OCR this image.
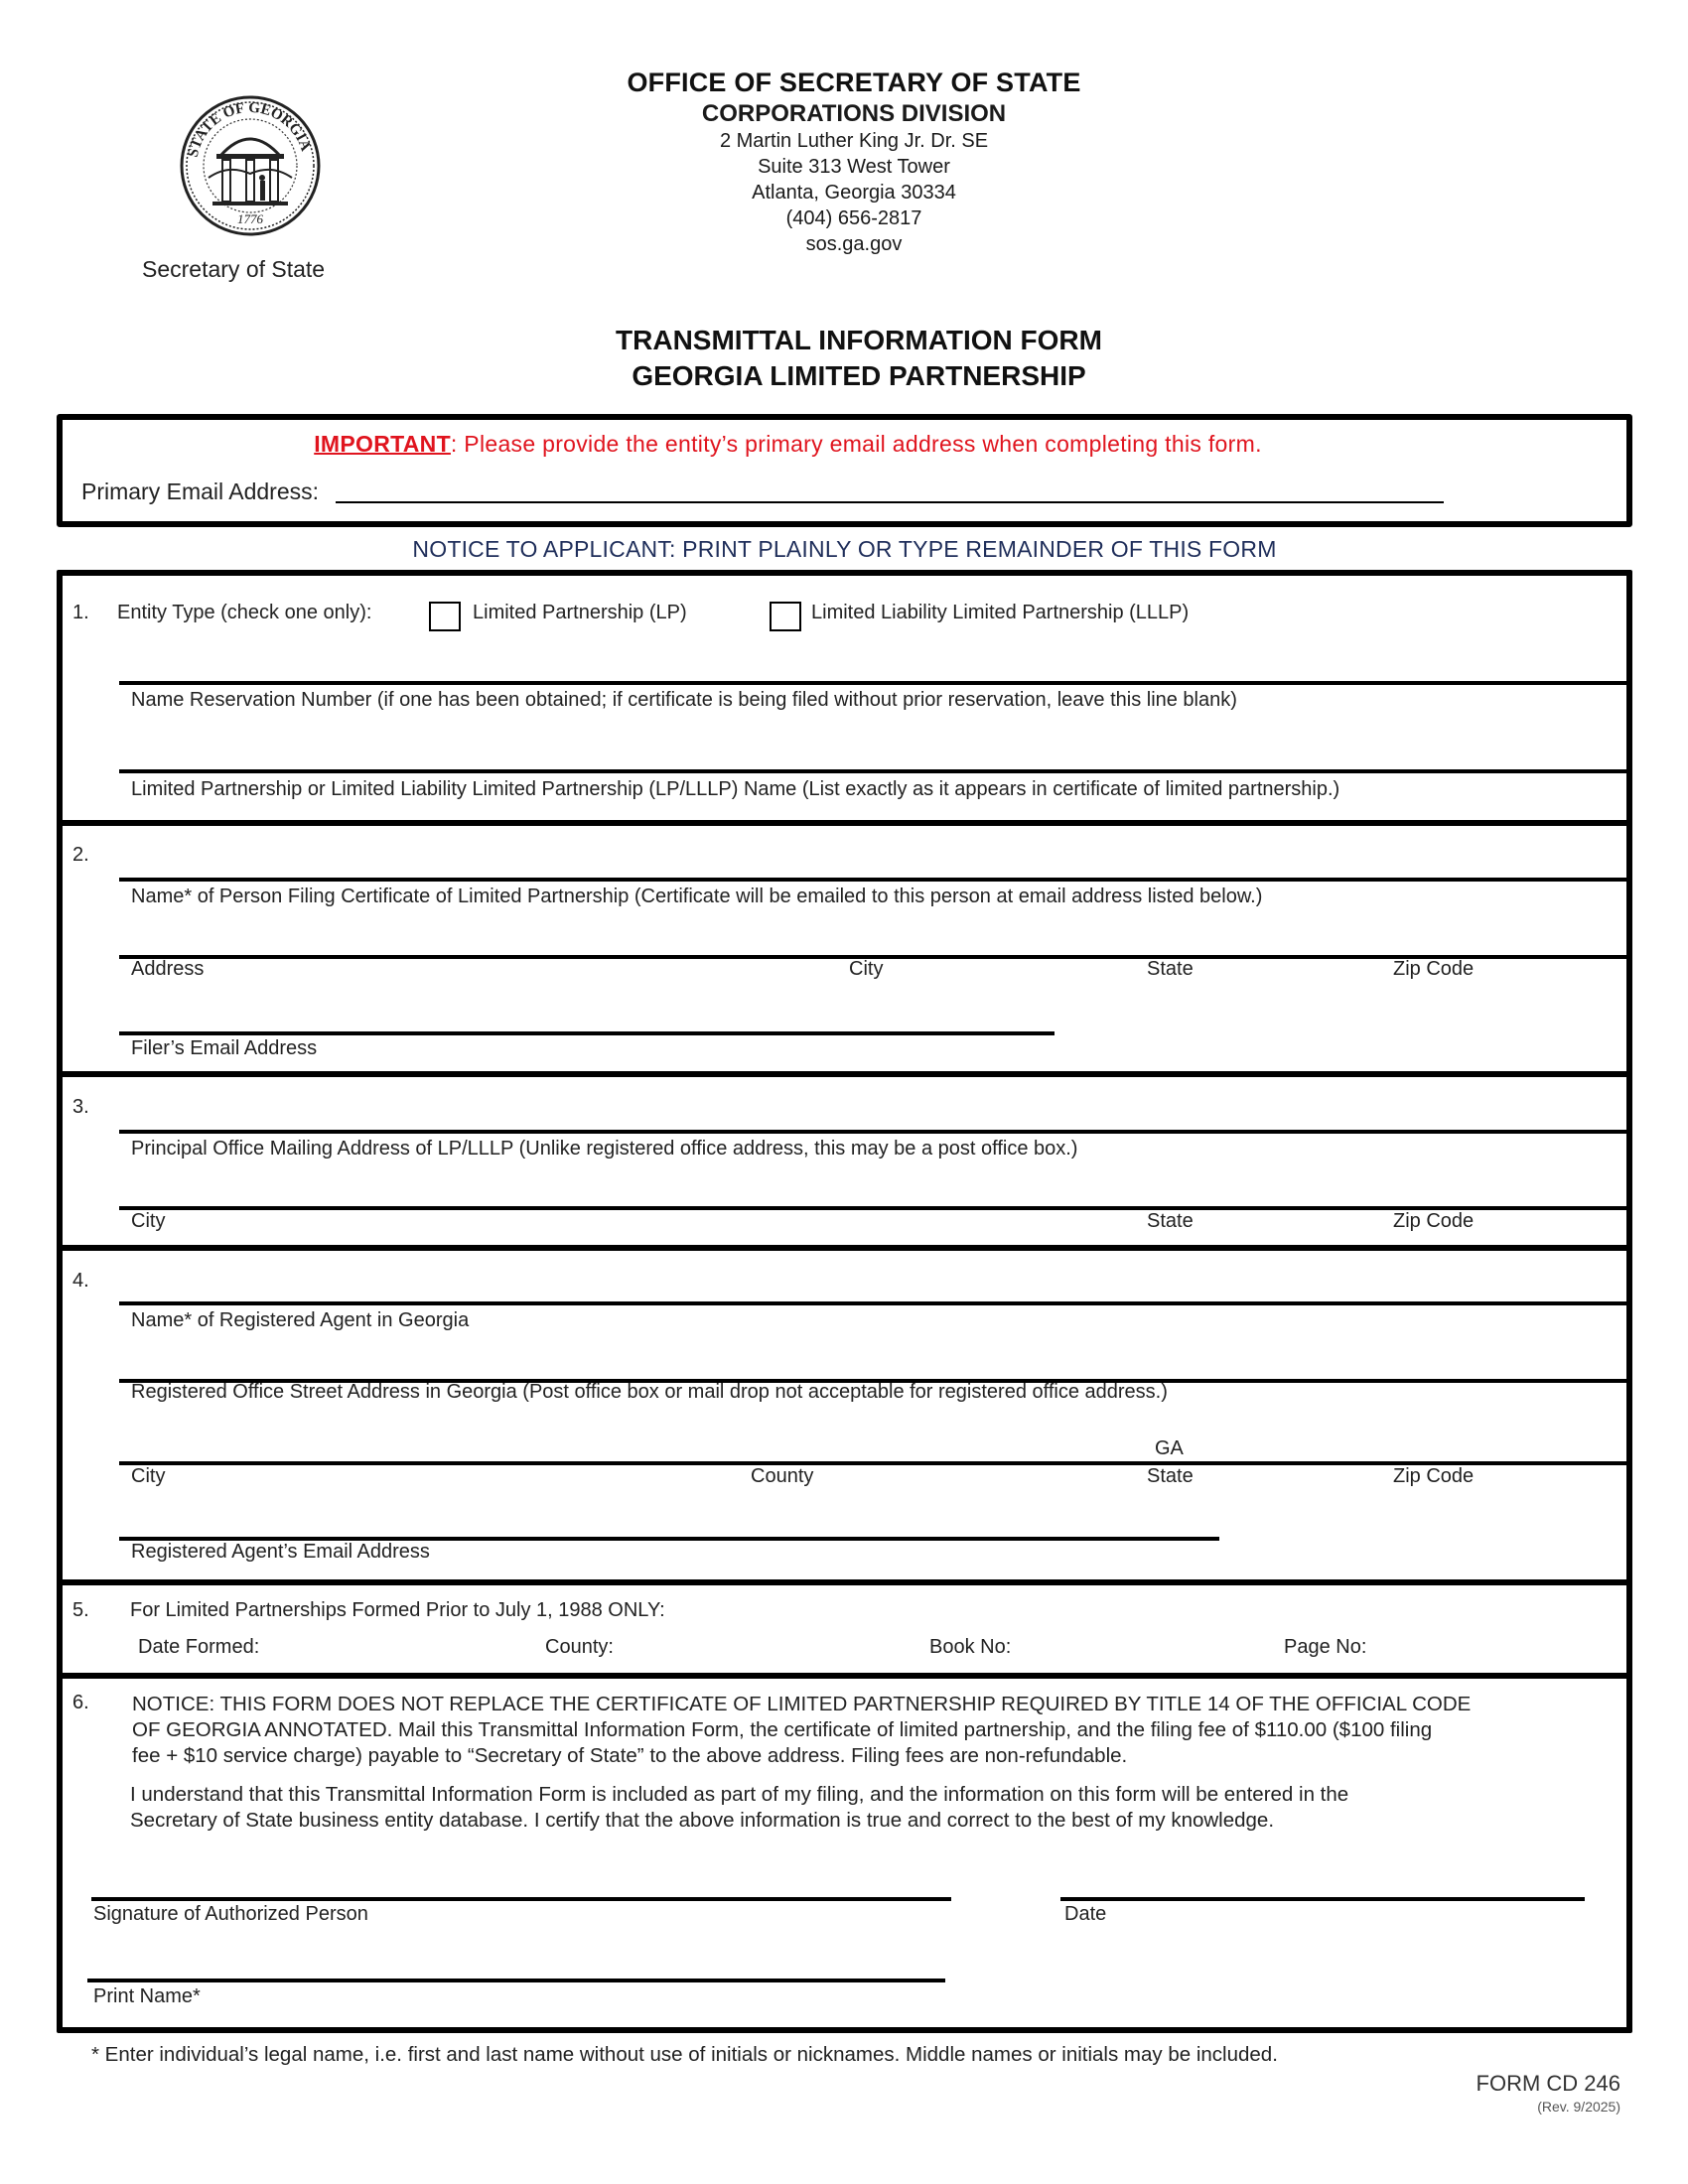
STATE OF GEORGIA
1776
Secretary of State
OFFICE OF SECRETARY OF STATE
CORPORATIONS DIVISION
2 Martin Luther King Jr. Dr. SE
Suite 313 West Tower
Atlanta, Georgia 30334
(404) 656-2817
sos.ga.gov
TRANSMITTAL INFORMATION FORM
GEORGIA LIMITED PARTNERSHIP
IMPORTANT: Please provide the entity’s primary email address when completing this form.
Primary Email Address:
NOTICE TO APPLICANT: PRINT PLAINLY OR TYPE REMAINDER OF THIS FORM
1. Entity Type (check one only):	Limited Partnership (LP)	Limited Liability Limited Partnership (LLLP)
Name Reservation Number (if one has been obtained; if certificate is being filed without prior reservation, leave this line blank)
Limited Partnership or Limited Liability Limited Partnership (LP/LLLP) Name (List exactly as it appears in certificate of limited partnership.)
2.
Name* of Person Filing Certificate of Limited Partnership (Certificate will be emailed to this person at email address listed below.)
Address	City	State	Zip Code
Filer’s Email Address
3.
Principal Office Mailing Address of LP/LLLP (Unlike registered office address, this may be a post office box.)
City	State	Zip Code
4.
Name* of Registered Agent in Georgia
Registered Office Street Address in Georgia (Post office box or mail drop not acceptable for registered office address.)
GA
City	County	State	Zip Code
Registered Agent’s Email Address
5. For Limited Partnerships Formed Prior to July 1, 1988 ONLY:
Date Formed:	County:	Book No:	Page No:
6. NOTICE: THIS FORM DOES NOT REPLACE THE CERTIFICATE OF LIMITED PARTNERSHIP REQUIRED BY TITLE 14 OF THE OFFICIAL CODE
OF GEORGIA ANNOTATED. Mail this Transmittal Information Form, the certificate of limited partnership, and the filing fee of $110.00 ($100 filing
fee + $10 service charge) payable to “Secretary of State” to the above address. Filing fees are non-refundable.
I understand that this Transmittal Information Form is included as part of my filing, and the information on this form will be entered in the
Secretary of State business entity database. I certify that the above information is true and correct to the best of my knowledge.
Signature of Authorized Person	Date
Print Name*
* Enter individual’s legal name, i.e. first and last name without use of initials or nicknames. Middle names or initials may be included.
FORM CD 246
(Rev. 9/2025)
